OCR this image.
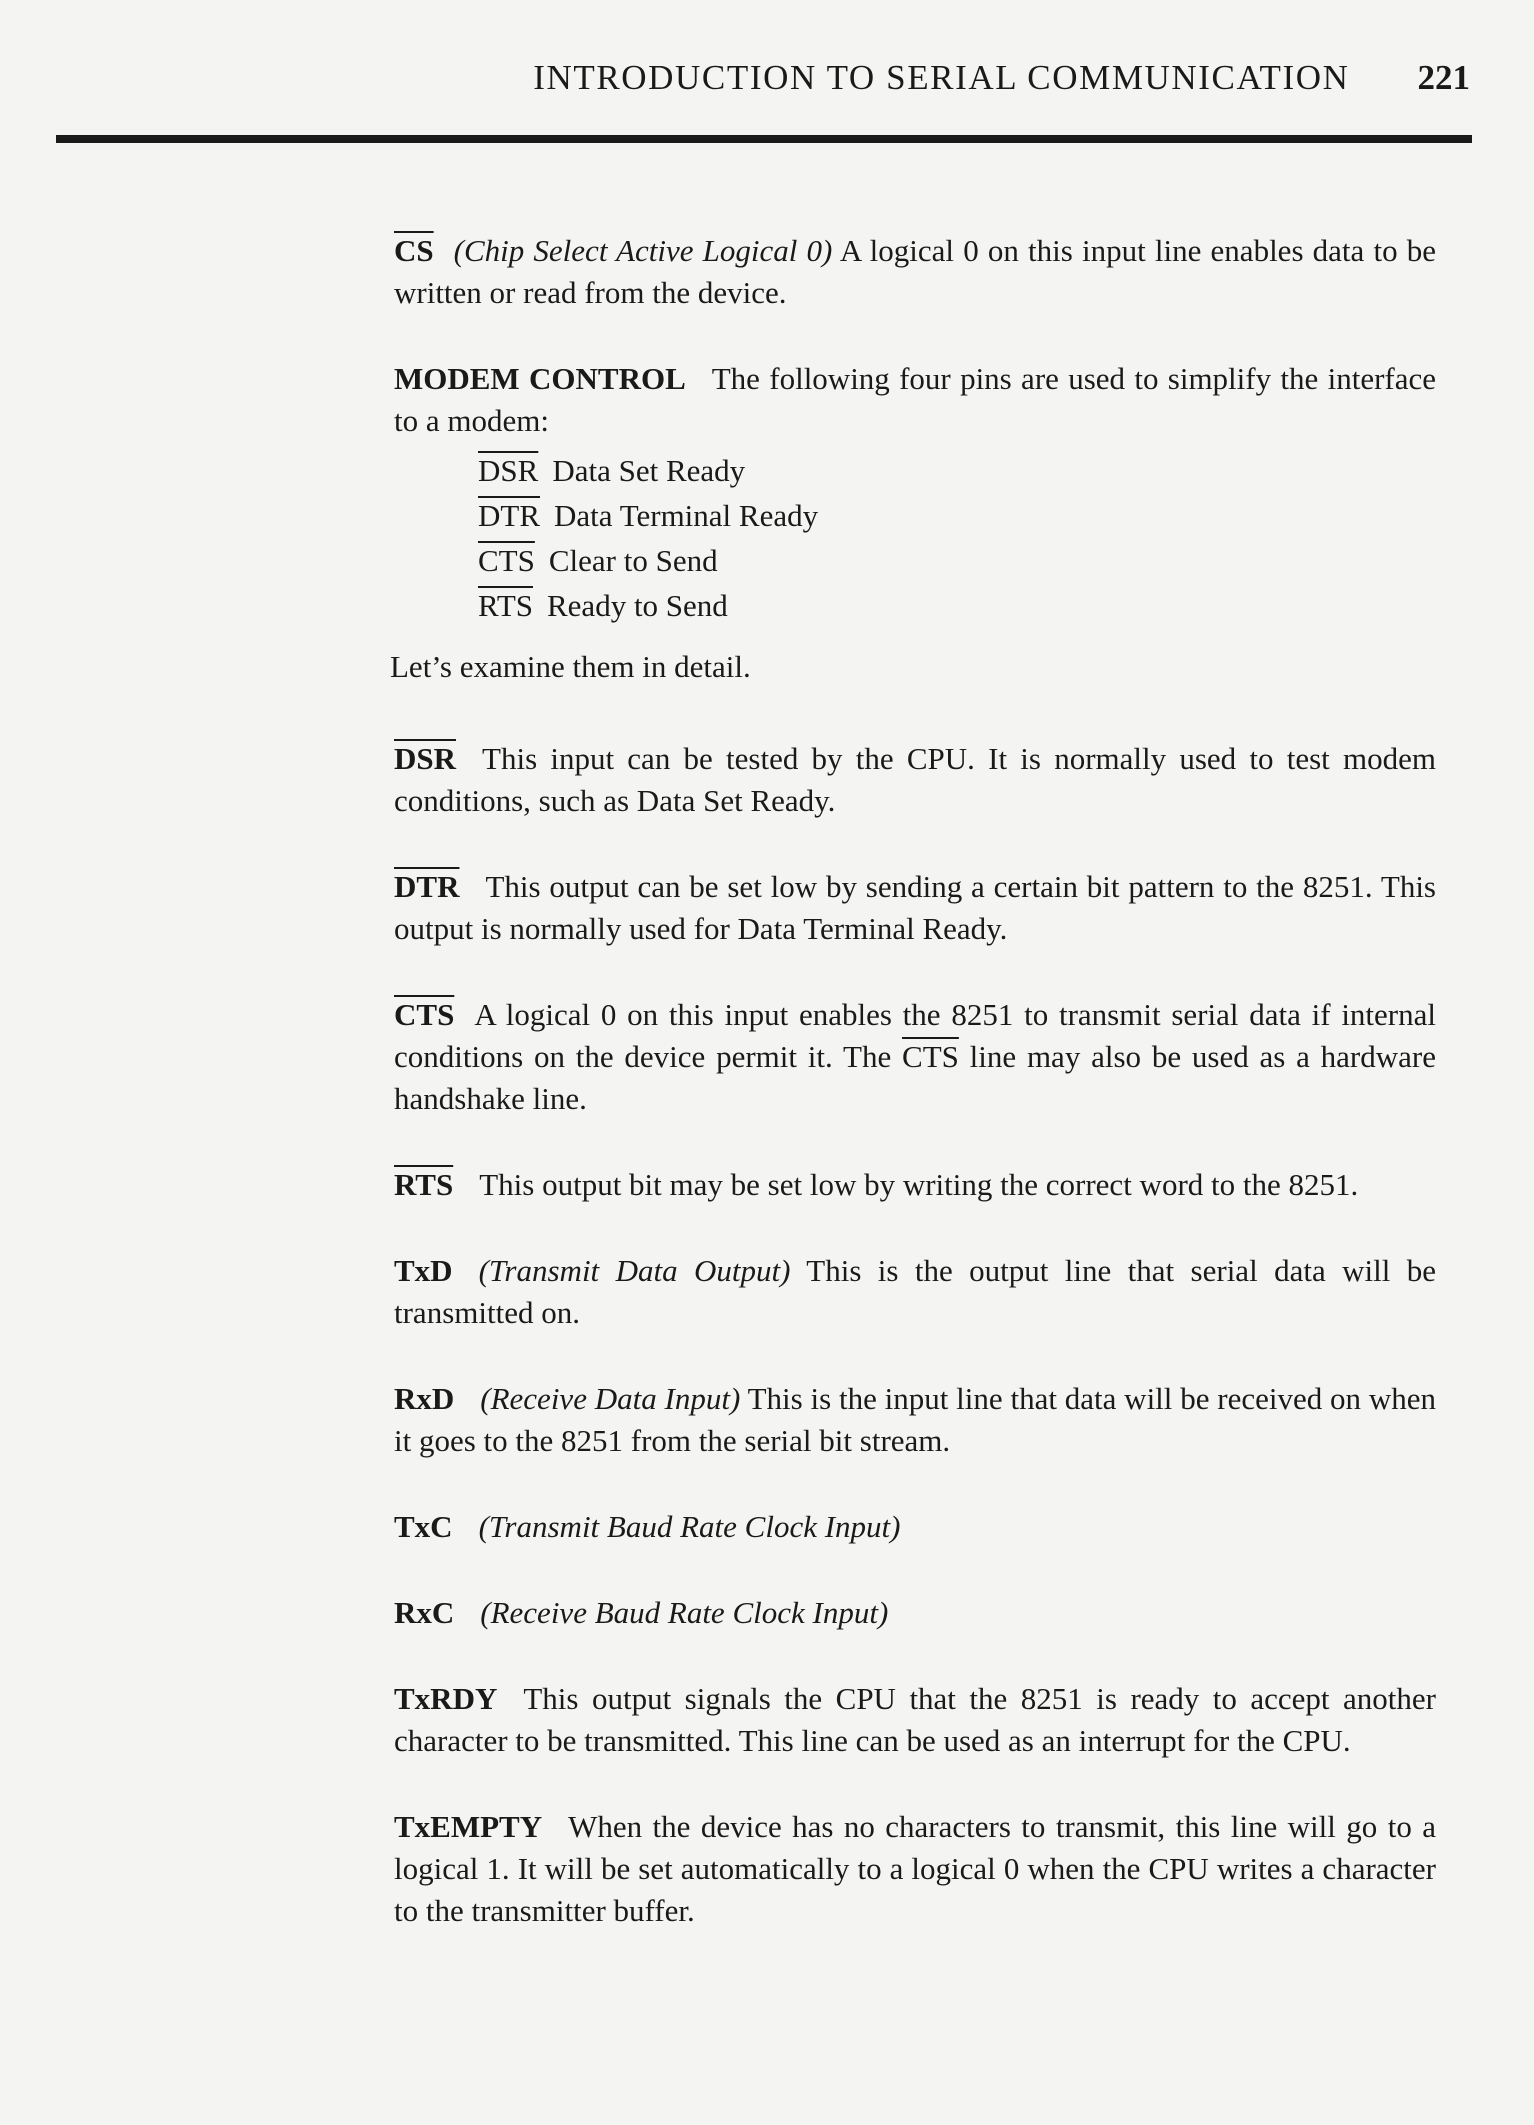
INTRODUCTION TO SERIAL COMMUNICATION 221

$\overline{CS}$ (Chip Select Active Logical 0) A logical 0 on this input line enables data to be written or read from the device.

MODEM CONTROL The following four pins are used to simplify the interface to a modem:

$\overline{DSR}$ Data Set Ready
$\overline{DTR}$ Data Terminal Ready
$\overline{CTS}$ Clear to Send
$\overline{RTS}$ Ready to Send

Let’s examine them in detail.

$\overline{DSR}$ This input can be tested by the CPU. It is normally used to test modem conditions, such as Data Set Ready.

$\overline{DTR}$ This output can be set low by sending a certain bit pattern to the 8251. This output is normally used for Data Terminal Ready.

$\overline{CTS}$ A logical 0 on this input enables the 8251 to transmit serial data if internal conditions on the device permit it. The $\overline{CTS}$ line may also be used as a hardware handshake line.

$\overline{RTS}$ This output bit may be set low by writing the correct word to the 8251.

TxD (Transmit Data Output) This is the output line that serial data will be transmitted on.

RxD (Receive Data Input) This is the input line that data will be received on when it goes to the 8251 from the serial bit stream.

TxC (Transmit Baud Rate Clock Input)

RxC (Receive Baud Rate Clock Input)

TxRDY This output signals the CPU that the 8251 is ready to accept another character to be transmitted. This line can be used as an interrupt for the CPU.

TxEMPTY When the device has no characters to transmit, this line will go to a logical 1. It will be set automatically to a logical 0 when the CPU writes a character to the transmitter buffer.
